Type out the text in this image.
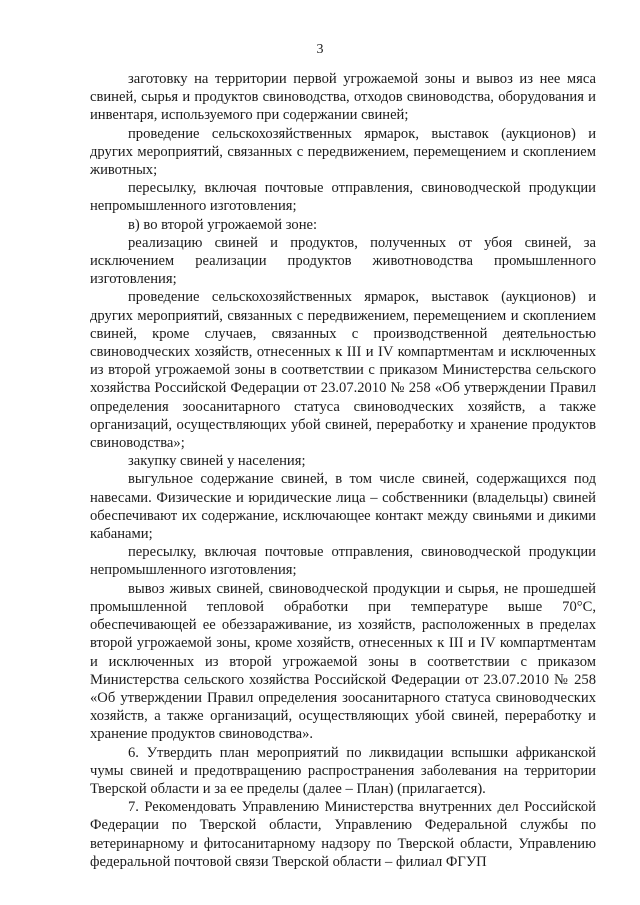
3

заготовку на территории первой угрожаемой зоны и вывоз из нее мяса свиней, сырья и продуктов свиноводства, отходов свиноводства, оборудования и инвентаря, используемого при содержании свиней;

проведение сельскохозяйственных ярмарок, выставок (аукционов) и других мероприятий, связанных с передвижением, перемещением и скоплением животных;

пересылку, включая почтовые отправления, свиноводческой продукции непромышленного изготовления;

в) во второй угрожаемой зоне:

реализацию свиней и продуктов, полученных от убоя свиней, за исключением реализации продуктов животноводства промышленного изготовления;

проведение сельскохозяйственных ярмарок, выставок (аукционов) и других мероприятий, связанных с передвижением, перемещением и скоплением свиней, кроме случаев, связанных с производственной деятельностью свиноводческих хозяйств, отнесенных к III и IV компартментам и исключенных из второй угрожаемой зоны в соответствии с приказом Министерства сельского хозяйства Российской Федерации от 23.07.2010 № 258 «Об утверждении Правил определения зоосанитарного статуса свиноводческих хозяйств, а также организаций, осуществляющих убой свиней, переработку и хранение продуктов свиноводства»;

закупку свиней у населения;

выгульное содержание свиней, в том числе свиней, содержащихся под навесами. Физические и юридические лица – собственники (владельцы) свиней обеспечивают их содержание, исключающее контакт между свиньями и дикими кабанами;

пересылку, включая почтовые отправления, свиноводческой продукции непромышленного изготовления;

вывоз живых свиней, свиноводческой продукции и сырья, не прошедшей промышленной тепловой обработки при температуре выше 70°С, обеспечивающей ее обеззараживание, из хозяйств, расположенных в пределах второй угрожаемой зоны, кроме хозяйств, отнесенных к III и IV компартментам и исключенных из второй угрожаемой зоны в соответствии с приказом Министерства сельского хозяйства Российской Федерации от 23.07.2010 № 258 «Об утверждении Правил определения зоосанитарного статуса свиноводческих хозяйств, а также организаций, осуществляющих убой свиней, переработку и хранение продуктов свиноводства».

6. Утвердить план мероприятий по ликвидации вспышки африканской чумы свиней и предотвращению распространения заболевания на территории Тверской области и за ее пределы (далее – План) (прилагается).

7. Рекомендовать Управлению Министерства внутренних дел Российской Федерации по Тверской области, Управлению Федеральной службы по ветеринарному и фитосанитарному надзору по Тверской области, Управлению федеральной почтовой связи Тверской области – филиал ФГУП
